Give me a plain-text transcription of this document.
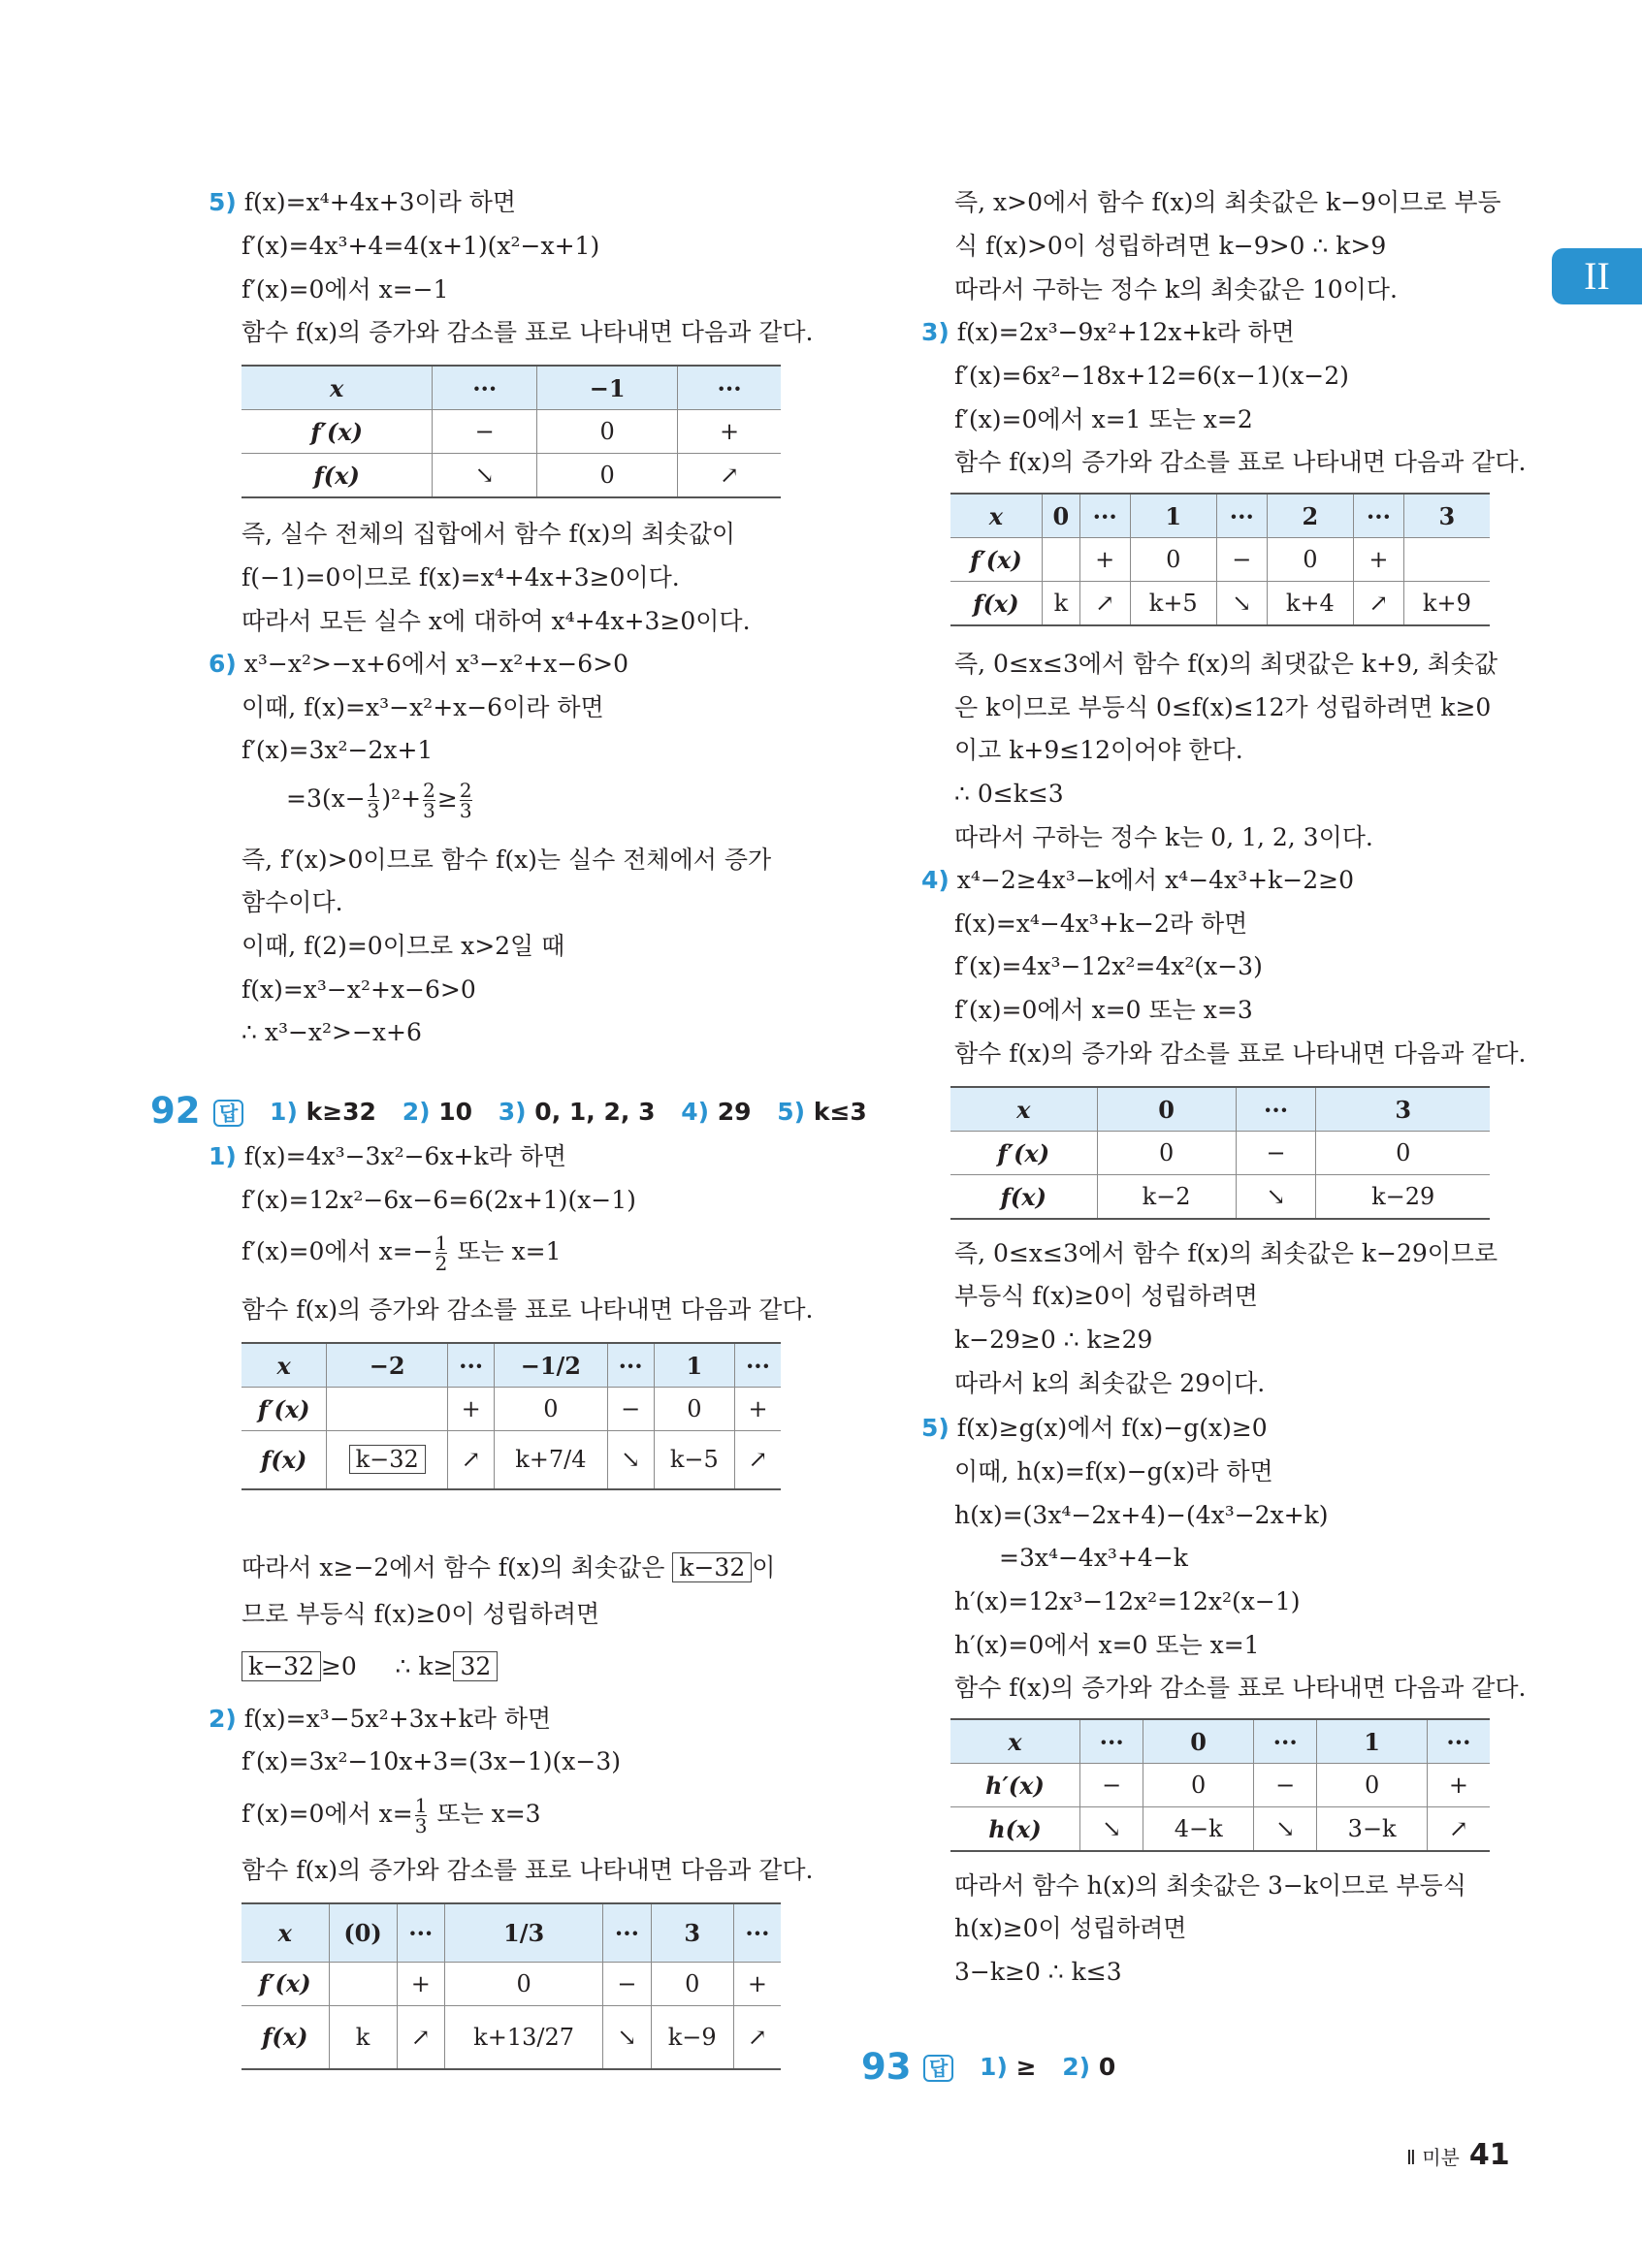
II
5) f(x)=x⁴+4x+3이라 하면
f′(x)=4x³+4=4(x+1)(x²−x+1)
f′(x)=0에서 x=−1
함수 f(x)의 증가와 감소를 표로 나타내면 다음과 같다.
x	···	−1	···
f′(x)	−	0	+
f(x)	↘	0	↗
즉, 실수 전체의 집합에서 함수 f(x)의 최솟값이
f(−1)=0이므로 f(x)=x⁴+4x+3≥0이다.
따라서 모든 실수 x에 대하여 x⁴+4x+3≥0이다.
6) x³−x²>−x+6에서 x³−x²+x−6>0
이때, f(x)=x³−x²+x−6이라 하면
f′(x)=3x²−2x+1
$=3(x- \frac{1}{3} )^2+ \frac{2}{3} \ge \frac{2}{3}$
즉, f′(x)>0이므로 함수 f(x)는 실수 전체에서 증가
함수이다.
이때, f(2)=0이므로 x>2일 때
f(x)=x³−x²+x−6>0
∴ x³−x²>−x+6
92 답 1) k≥32 2) 10 3) 0, 1, 2, 3 4) 29 5) k≤3
1) f(x)=4x³−3x²−6x+k라 하면
f′(x)=12x²−6x−6=6(2x+1)(x−1)
f′(x)=0에서 $x=- \frac{1}{2}$ 또는 x=1
함수 f(x)의 증가와 감소를 표로 나타내면 다음과 같다.
x	−2	···	−1/2	···	1	···
f′(x)		+	0	−	0	+
f(x)	k−32	↗	k+7/4	↘	k−5	↗
따라서 x≥−2에서 함수 f(x)의 최솟값은 k−32 이
므로 부등식 f(x)≥0이 성립하려면
k−32 ≥0 ∴ k≥ 32
2) f(x)=x³−5x²+3x+k라 하면
f′(x)=3x²−10x+3=(3x−1)(x−3)
f′(x)=0에서 $x= \frac{1}{3}$ 또는 x=3
함수 f(x)의 증가와 감소를 표로 나타내면 다음과 같다.
x	(0)	···	1/3	···	3	···
f′(x)		+	0	−	0	+
f(x)	k	↗	k+13/27	↘	k−9	↗
즉, x>0에서 함수 f(x)의 최솟값은 k−9이므로 부등
식 f(x)>0이 성립하려면 k−9>0 ∴ k>9
따라서 구하는 정수 k의 최솟값은 10이다.
3) f(x)=2x³−9x²+12x+k라 하면
f′(x)=6x²−18x+12=6(x−1)(x−2)
f′(x)=0에서 x=1 또는 x=2
함수 f(x)의 증가와 감소를 표로 나타내면 다음과 같다.
x	0	···	1	···	2	···	3
f′(x)		+	0	−	0	+	
f(x)	k	↗	k+5	↘	k+4	↗	k+9
즉, 0≤x≤3에서 함수 f(x)의 최댓값은 k+9, 최솟값
은 k이므로 부등식 0≤f(x)≤12가 성립하려면 k≥0
이고 k+9≤12이어야 한다.
∴ 0≤k≤3
따라서 구하는 정수 k는 0, 1, 2, 3이다.
4) x⁴−2≥4x³−k에서 x⁴−4x³+k−2≥0
f(x)=x⁴−4x³+k−2라 하면
f′(x)=4x³−12x²=4x²(x−3)
f′(x)=0에서 x=0 또는 x=3
함수 f(x)의 증가와 감소를 표로 나타내면 다음과 같다.
x	0	···	3
f′(x)	0	−	0
f(x)	k−2	↘	k−29
즉, 0≤x≤3에서 함수 f(x)의 최솟값은 k−29이므로
부등식 f(x)≥0이 성립하려면
k−29≥0 ∴ k≥29
따라서 k의 최솟값은 29이다.
5) f(x)≥g(x)에서 f(x)−g(x)≥0
이때, h(x)=f(x)−g(x)라 하면
h(x)=(3x⁴−2x+4)−(4x³−2x+k)
=3x⁴−4x³+4−k
h′(x)=12x³−12x²=12x²(x−1)
h′(x)=0에서 x=0 또는 x=1
함수 f(x)의 증가와 감소를 표로 나타내면 다음과 같다.
x	···	0	···	1	···
h′(x)	−	0	−	0	+
h(x)	↘	4−k	↘	3−k	↗
따라서 함수 h(x)의 최솟값은 3−k이므로 부등식
h(x)≥0이 성립하려면
3−k≥0 ∴ k≤3
93 답 1) ≥ 2) 0
Ⅱ 미분 41
